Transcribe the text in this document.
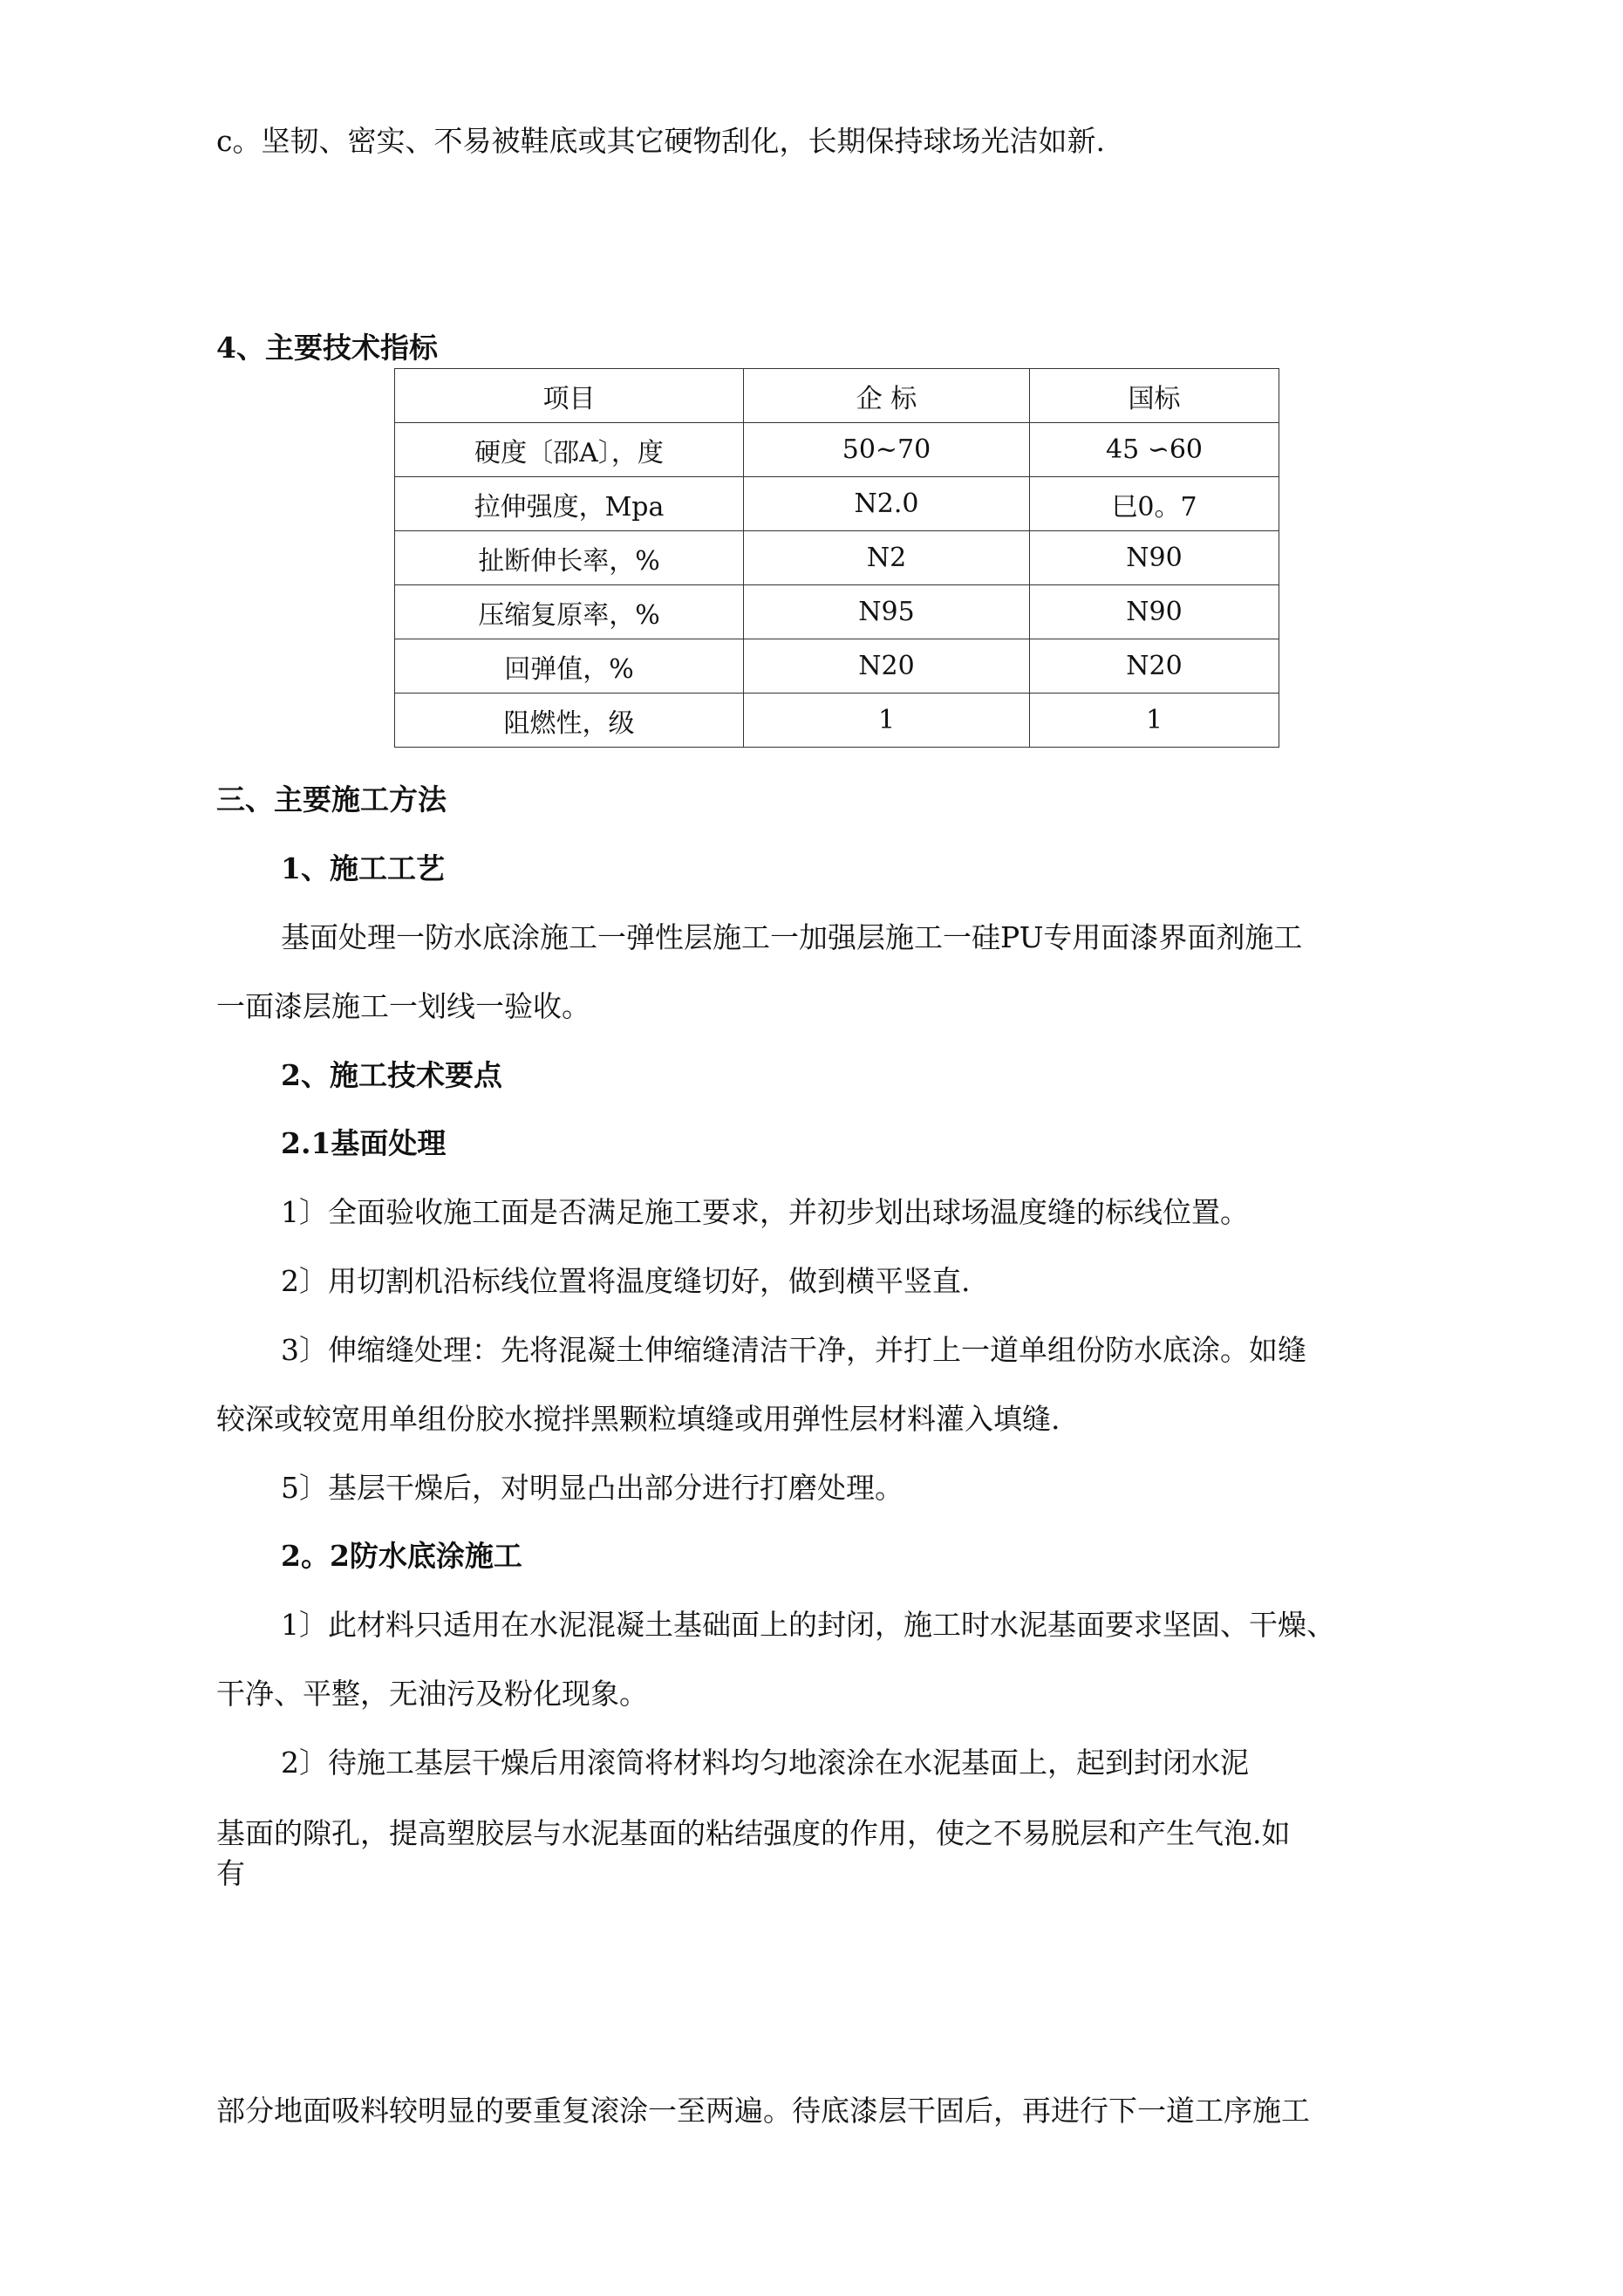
c。坚韧、密实、不易被鞋底或其它硬物刮化，长期保持球场光洁如新.

4、主要技术指标

项目	企 标	国标
硬度〔邵A〕，度	50~70	45 ∽60
拉伸强度，Mpa	N2.0	巳0。7
扯断伸长率，%	N2	N90
压缩复原率，%	N95	N90
回弹值，%	N20	N20
阻燃性，级	1	1

三、主要施工方法

1、施工工艺

基面处理一防水底涂施工一弹性层施工一加强层施工一硅PU专用面漆界面剂施工

一面漆层施工一划线一验收。

2、施工技术要点

2.1基面处理

1〕全面验收施工面是否满足施工要求，并初步划出球场温度缝的标线位置。

2〕用切割机沿标线位置将温度缝切好，做到横平竖直.

3〕伸缩缝处理：先将混凝土伸缩缝清洁干净，并打上一道单组份防水底涂。如缝

较深或较宽用单组份胶水搅拌黑颗粒填缝或用弹性层材料灌入填缝.

5〕基层干燥后，对明显凸出部分进行打磨处理。

2。2防水底涂施工

1〕此材料只适用在水泥混凝土基础面上的封闭，施工时水泥基面要求坚固、干燥、

干净、平整，无油污及粉化现象。

2〕待施工基层干燥后用滚筒将材料均匀地滚涂在水泥基面上，起到封闭水泥

基面的隙孔，提高塑胶层与水泥基面的粘结强度的作用，使之不易脱层和产生气泡.如

有

部分地面吸料较明显的要重复滚涂一至两遍。待底漆层干固后，再进行下一道工序施工
